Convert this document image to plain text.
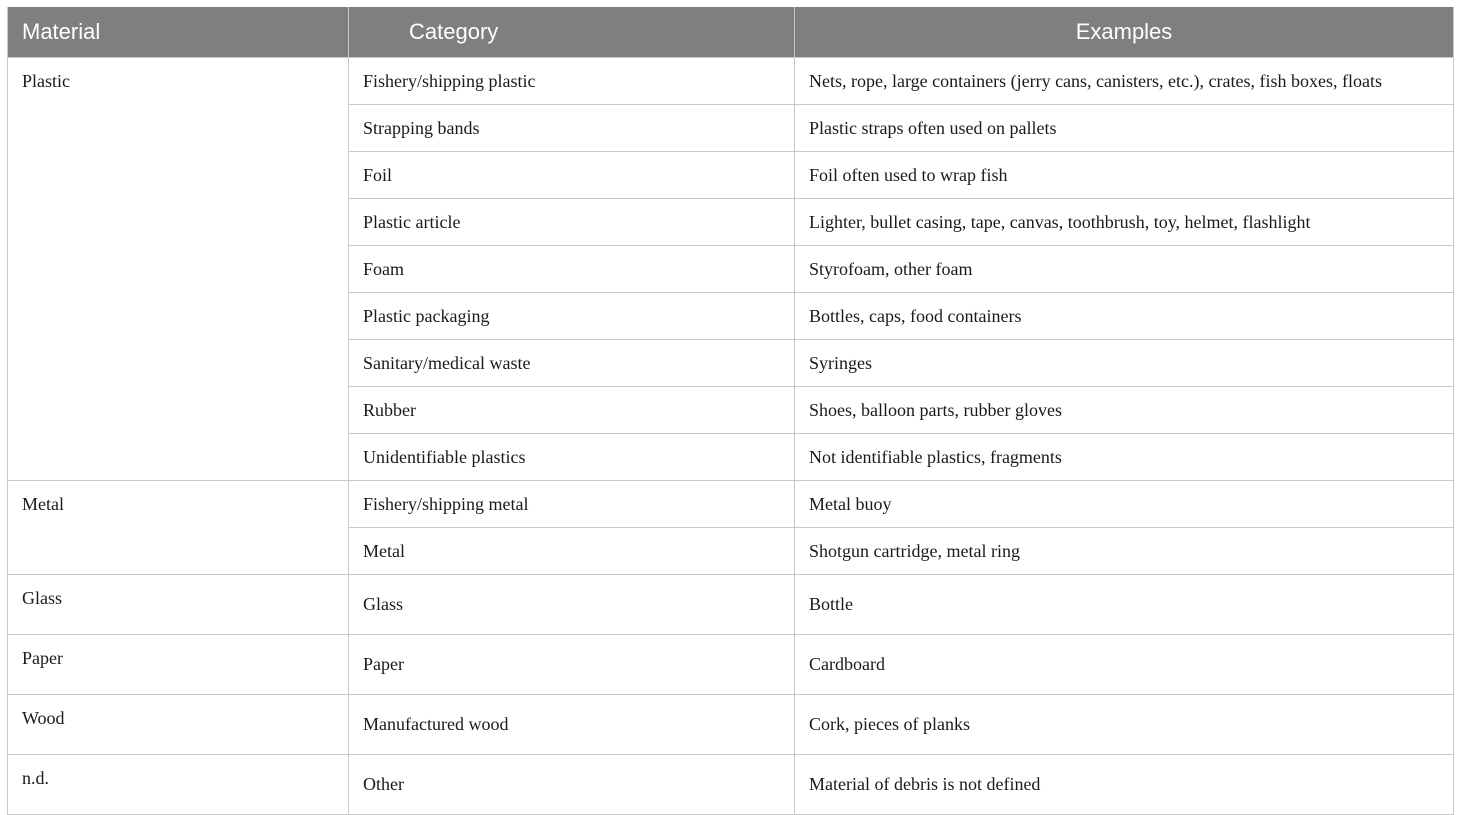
Material	Category	Examples
Plastic	Fishery/shipping plastic	Nets, rope, large containers (jerry cans, canisters, etc.), crates, fish boxes, floats
	Strapping bands	Plastic straps often used on pallets
	Foil	Foil often used to wrap fish
	Plastic article	Lighter, bullet casing, tape, canvas, toothbrush, toy, helmet, flashlight
	Foam	Styrofoam, other foam
	Plastic packaging	Bottles, caps, food containers
	Sanitary/medical waste	Syringes
	Rubber	Shoes, balloon parts, rubber gloves
	Unidentifiable plastics	Not identifiable plastics, fragments
Metal	Fishery/shipping metal	Metal buoy
	Metal	Shotgun cartridge, metal ring
Glass	Glass	Bottle
Paper	Paper	Cardboard
Wood	Manufactured wood	Cork, pieces of planks
n.d.	Other	Material of debris is not defined
